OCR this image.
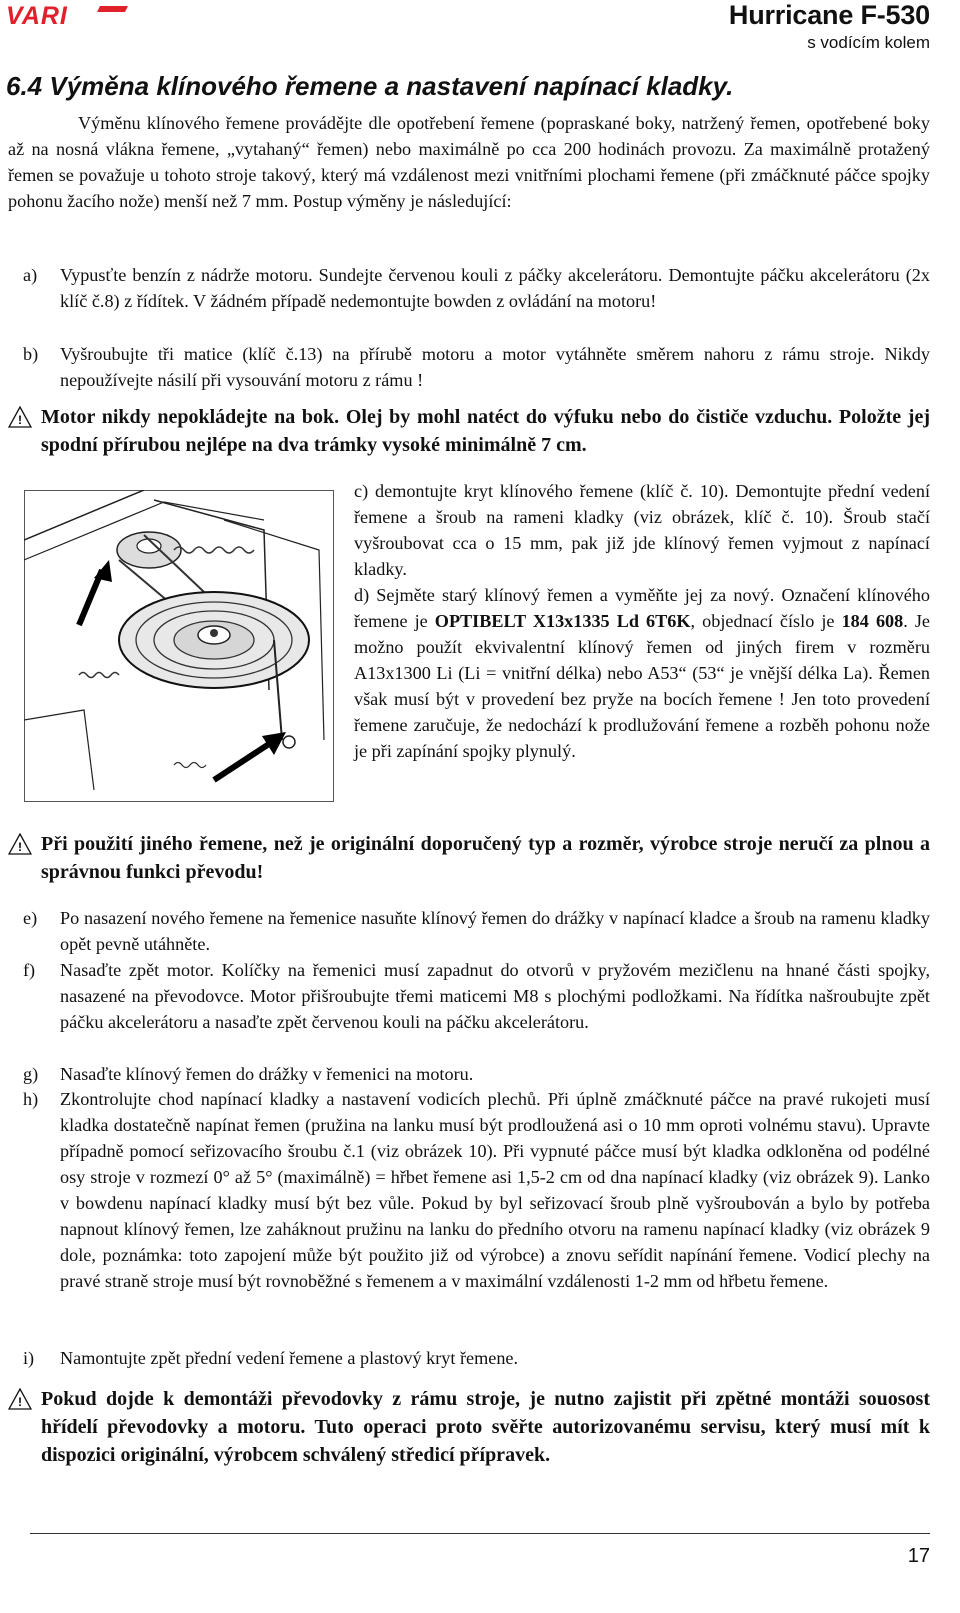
VARI	Hurricane F-530
s vodícím kolem
6.4 Výměna klínového řemene a nastavení napínací kladky.
Výměnu klínového řemene provádějte dle opotřebení řemene (popraskané boky, natržený řemen, opotřebené boky až na nosná vlákna řemene, „vytahaný“ řemen) nebo maximálně po cca 200 hodinách provozu. Za maximálně protažený řemen se považuje u tohoto stroje takový, který má vzdálenost mezi vnitřními plochami řemene (při zmáčknuté páčce spojky pohonu žacího nože) menší než 7 mm. Postup výměny je následující:
a) Vypusťte benzín z nádrže motoru. Sundejte červenou kouli z páčky akcelerátoru. Demontujte páčku akcelerátoru (2x klíč č.8) z řídítek. V žádném případě nedemontujte bowden z ovládání na motoru!
b) Vyšroubujte tři matice (klíč č.13) na přírubě motoru a motor vytáhněte směrem nahoru z rámu stroje. Nikdy nepoužívejte násilí při vysouvání motoru z rámu !
! Motor nikdy nepokládejte na bok. Olej by mohl natéct do výfuku nebo do čističe vzduchu. Položte jej spodní přírubou nejlépe na dva trámky vysoké minimálně 7 cm.

c) demontujte kryt klínového řemene (klíč č. 10). Demontujte přední vedení řemene a šroub na rameni kladky (viz obrázek, klíč č. 10). Šroub stačí vyšroubovat cca o 15 mm, pak již jde klínový řemen vyjmout z napínací kladky.

d) Sejměte starý klínový řemen a vyměňte jej za nový. Označení klínového řemene je OPTIBELT X13x1335 Ld 6T6K, objednací číslo je 184 608. Je možno použít ekvivalentní klínový řemen od jiných firem v rozměru A13x1300 Li (Li = vnitřní délka) nebo A53“ (53“ je vnější délka La). Řemen však musí být v provedení bez pryže na bocích řemene ! Jen toto provedení řemene zaručuje, že nedochází k prodlužování řemene a rozběh pohonu nože je při zapínání spojky plynulý.

! Při použití jiného řemene, než je originální doporučený typ a rozměr, výrobce stroje neručí za plnou a správnou funkci převodu!
e) Po nasazení nového řemene na řemenice nasuňte klínový řemen do drážky v napínací kladce a šroub na ramenu kladky opět pevně utáhněte.
f) Nasaďte zpět motor. Kolíčky na řemenici musí zapadnut do otvorů v pryžovém mezičlenu na hnané části spojky, nasazené na převodovce. Motor přišroubujte třemi maticemi M8 s plochými podložkami. Na řídítka našroubujte zpět páčku akcelerátoru a nasaďte zpět červenou kouli na páčku akcelerátoru.
g) Nasaďte klínový řemen do drážky v řemenici na motoru.
h) Zkontrolujte chod napínací kladky a nastavení vodicích plechů. Při úplně zmáčknuté páčce na pravé rukojeti musí kladka dostatečně napínat řemen (pružina na lanku musí být prodloužená asi o 10 mm oproti volnému stavu). Upravte případně pomocí seřizovacího šroubu č.1 (viz obrázek 10). Při vypnuté páčce musí být kladka odkloněna od podélné osy stroje v rozmezí 0° až 5° (maximálně) = hřbet řemene asi 1,5-2 cm od dna napínací kladky (viz obrázek 9). Lanko v bowdenu napínací kladky musí být bez vůle. Pokud by byl seřizovací šroub plně vyšroubován a bylo by potřeba napnout klínový řemen, lze zaháknout pružinu na lanku do předního otvoru na ramenu napínací kladky (viz obrázek 9 dole, poznámka: toto zapojení může být použito již od výrobce) a znovu seřídit napínání řemene. Vodicí plechy na pravé straně stroje musí být rovnoběžné s řemenem a v maximální vzdálenosti 1-2 mm od hřbetu řemene.
i) Namontujte zpět přední vedení řemene a plastový kryt řemene.
! Pokud dojde k demontáži převodovky z rámu stroje, je nutno zajistit při zpětné montáži souosost hřídelí převodovky a motoru. Tuto operaci proto svěřte autorizovanému servisu, který musí mít k dispozici originální, výrobcem schválený středicí přípravek.
17
